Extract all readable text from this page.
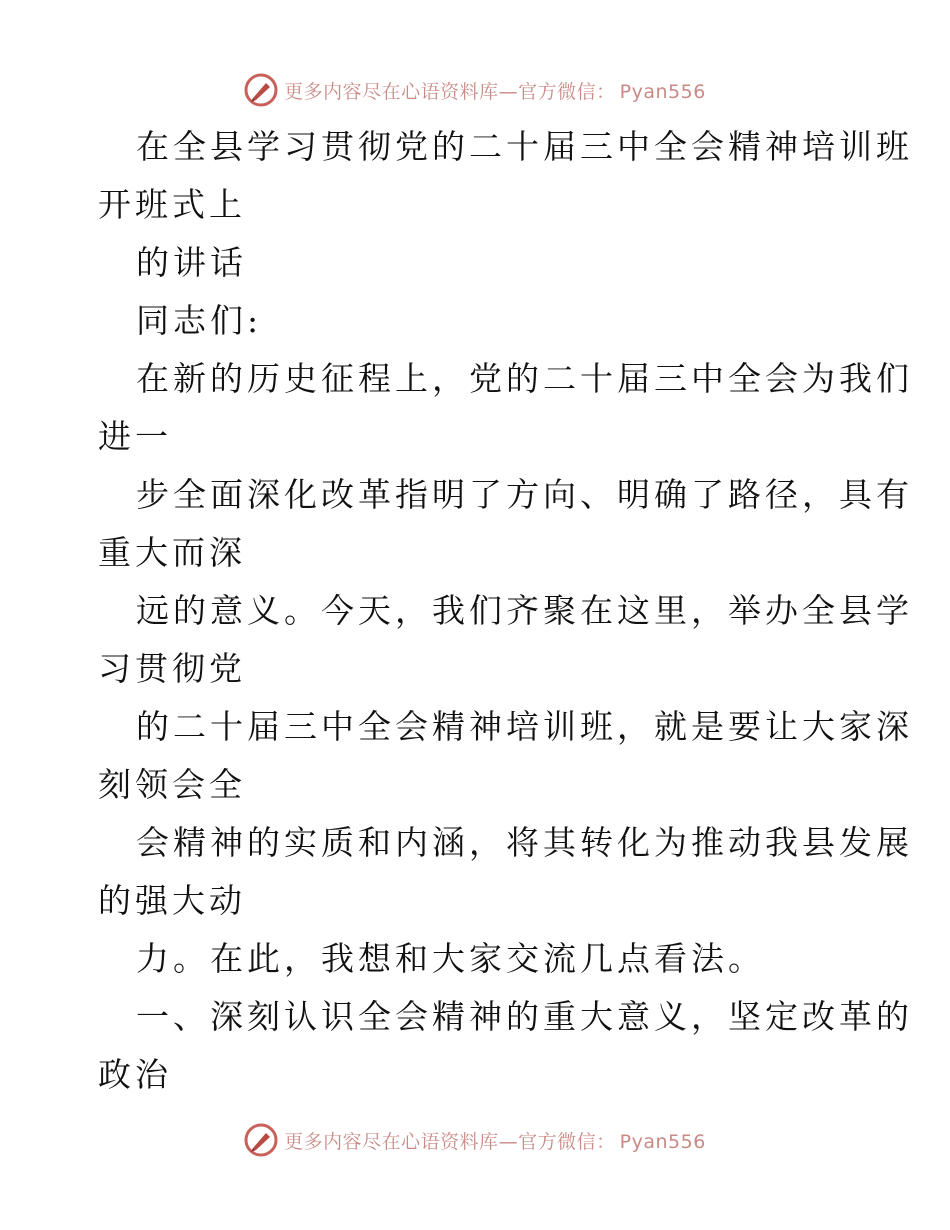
更多内容尽在心语资料库—官方微信： Pyan556
在全县学习贯彻党的二十届三中全会精神培训班
开班式上
的讲话
同志们:
在新的历史征程上，党的二十届三中全会为我们
进一
步全面深化改革指明了方向、明确了路径，具有
重大而深
远的意义。今天，我们齐聚在这里，举办全县学
习贯彻党
的二十届三中全会精神培训班，就是要让大家深
刻领会全
会精神的实质和内涵，将其转化为推动我县发展
的强大动
力。在此，我想和大家交流几点看法。
一、深刻认识全会精神的重大意义，坚定改革的
政治
更多内容尽在心语资料库—官方微信： Pyan556
